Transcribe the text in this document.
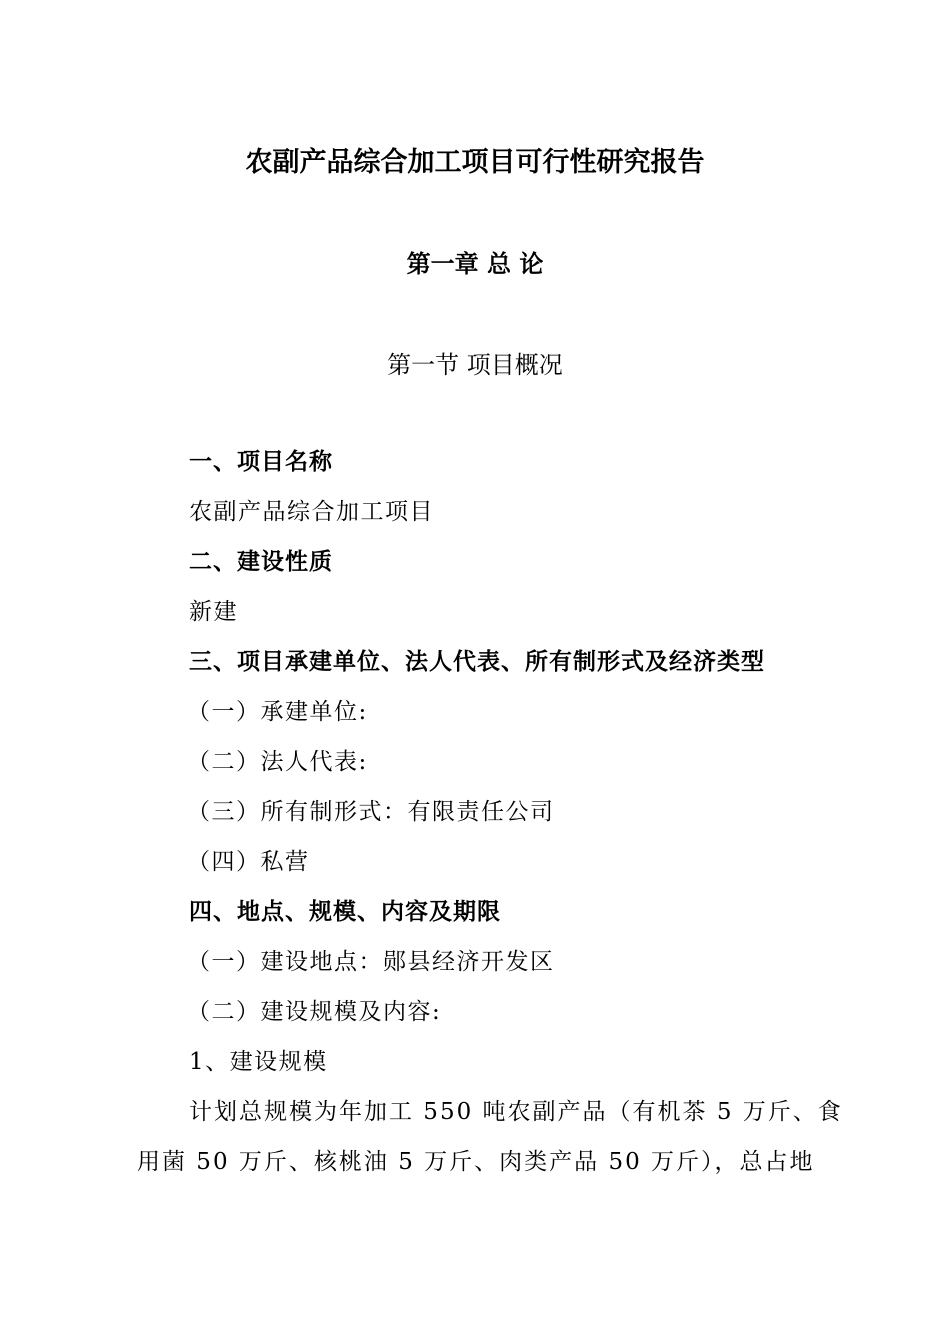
农副产品综合加工项目可行性研究报告
第一章 总 论
第一节 项目概况
一、项目名称
农副产品综合加工项目
二、建设性质
新建
三、项目承建单位、法人代表、所有制形式及经济类型
（一）承建单位:
（二）法人代表:
（三）所有制形式：有限责任公司
（四）私营
四、地点、规模、内容及期限
（一）建设地点：郧县经济开发区
（二）建设规模及内容:
1、建设规模
计划总规模为年加工 550 吨农副产品（有机茶 5 万斤、食
用菌 50 万斤、核桃油 5 万斤、肉类产品 50 万斤），总占地
